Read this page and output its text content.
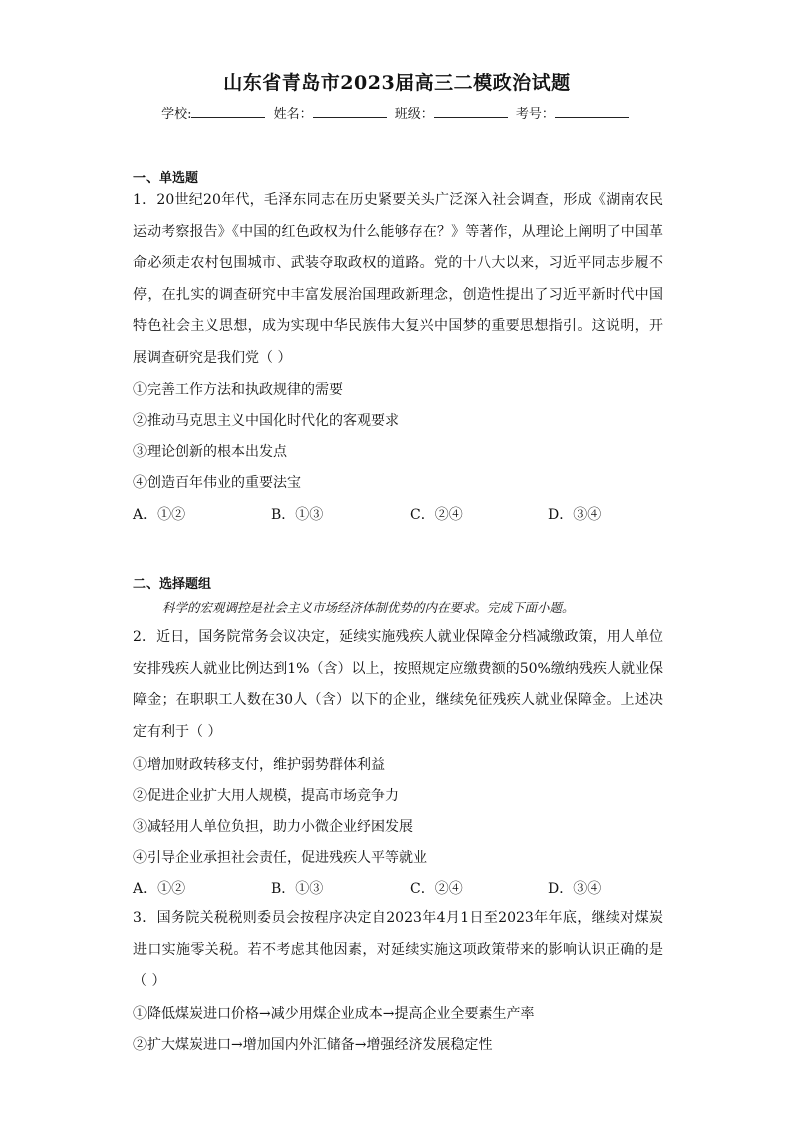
山东省青岛市2023届高三二模政治试题
学校:	姓名：	班级：	考号：
一、单选题
1．20世纪20年代，毛泽东同志在历史紧要关头广泛深入社会调查，形成《湖南农民运动考察报告》《中国的红色政权为什么能够存在？》等著作，从理论上阐明了中国革命必须走农村包围城市、武装夺取政权的道路。党的十八大以来，习近平同志步履不停，在扎实的调查研究中丰富发展治国理政新理念，创造性提出了习近平新时代中国特色社会主义思想，成为实现中华民族伟大复兴中国梦的重要思想指引。这说明，开展调查研究是我们党（ ）
①完善工作方法和执政规律的需要
②推动马克思主义中国化时代化的客观要求
③理论创新的根本出发点
④创造百年伟业的重要法宝
A．①②	B．①③	C．②④	D．③④
二、选择题组
科学的宏观调控是社会主义市场经济体制优势的内在要求。完成下面小题。
2．近日，国务院常务会议决定，延续实施残疾人就业保障金分档减缴政策，用人单位安排残疾人就业比例达到1%（含）以上，按照规定应缴费额的50%缴纳残疾人就业保障金；在职职工人数在30人（含）以下的企业，继续免征残疾人就业保障金。上述决定有利于（ ）
①增加财政转移支付，维护弱势群体利益
②促进企业扩大用人规模，提高市场竞争力
③减轻用人单位负担，助力小微企业纾困发展
④引导企业承担社会责任，促进残疾人平等就业
A．①②	B．①③	C．②④	D．③④
3．国务院关税税则委员会按程序决定自2023年4月1日至2023年年底，继续对煤炭进口实施零关税。若不考虑其他因素，对延续实施这项政策带来的影响认识正确的是（ ）
①降低煤炭进口价格→减少用煤企业成本→提高企业全要素生产率
②扩大煤炭进口→增加国内外汇储备→增强经济发展稳定性
